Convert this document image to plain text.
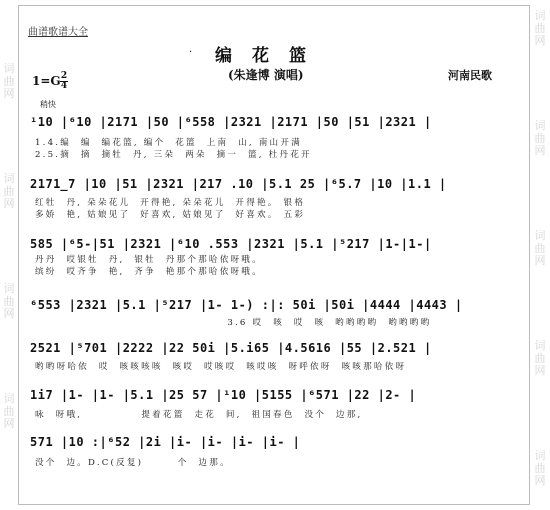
词
曲
网
词
曲
网
词
曲
网
词
曲
网
词
曲
网
词
曲
网
词
曲
网
词
曲
网
词
曲
网
曲谱歌谱大全
· 编花篮
(朱逢博 演唱)	河南民歌
1=G 2
4
稍快
¹10 |⁶10 |2171 |50 |⁶558 |2321 |2171 |50 |51 |2321 |
1.4.编  编  编花篮, 编个  花篮  上南  山, 南山开满
2.5.摘  摘  摘牡  丹, 三朵  两朵  摘一  篮, 杜丹花开
2171̲7 |10 |51 |2321 |217 .10 |5.1 25 |⁶5.7 |10 |1.1 |
红牡  丹, 朵朵花儿  开得艳, 朵朵花儿  开得艳。 银格
多娇  艳, 姑娘见了  好喜欢, 姑娘见了  好喜欢。 五彩
585 |⁶5-|51 |2321 |⁶10 .553 |2321 |5.1 |⁵217 |1-|1-|
丹丹  哎银牡  丹,  银牡  丹那个那哈依呀哦。
缤纷  哎齐争  艳,  齐争  艳那个那哈依呀哦。
⁶553 |2321 |5.1 |⁵217 |1- 1-) :|: 50i |50i |4444 |4443 |
3.6 哎  咳  哎  咳  哟哟哟哟  哟哟哟哟
2521 |⁵701 |2222 |22 50i |5.i65 |4.5616 |55 |2.521 |
哟哟呀哈依  哎  咳咳咳咳  咳哎  哎咳哎  咳哎咳  呀呼依呀  咳咳那哈依呀
1i7 |1- |1- |5.1 |25 57 |¹10 |5155 |⁶571 |22 |2- |
咏  呀哦,            提着花篮  走花  间,  祖国春色  没个  边那,
571 |10 :|⁶52 |2i |i- |i- |i- |i- |
没个  边。D.C(反复)       个  边那。
